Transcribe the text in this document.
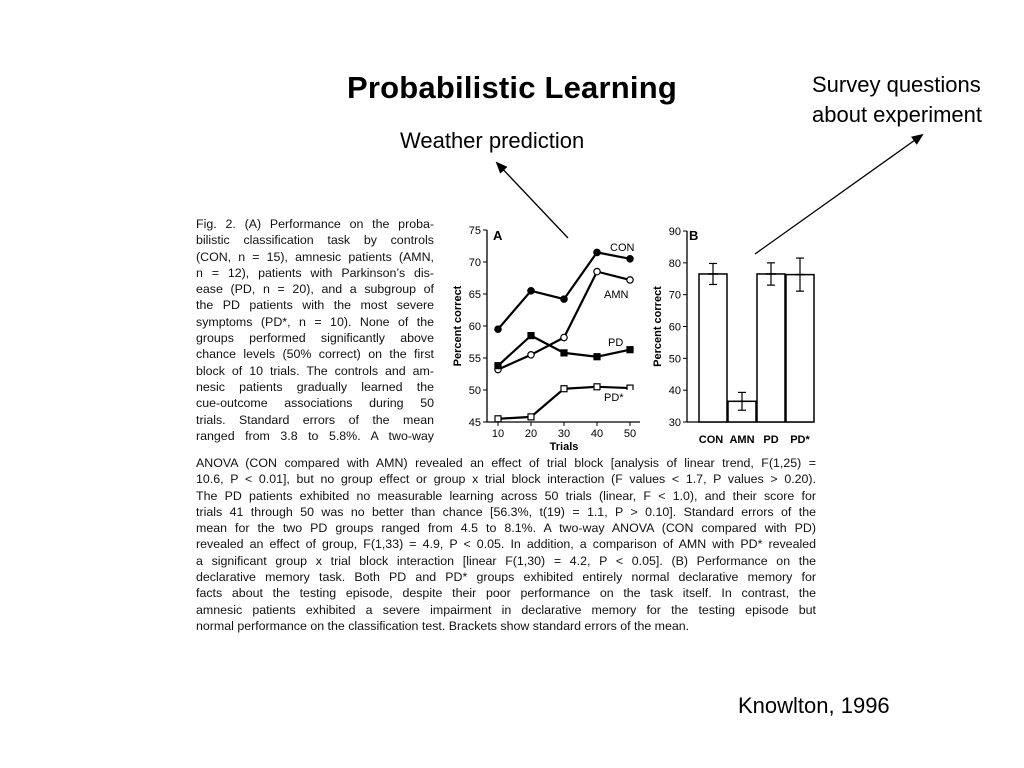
Probabilistic Learning
Weather prediction
Survey questions
about experiment
Knowlton, 1996
Fig. 2. (A) Performance on the proba-
bilistic classification task by controls
(CON, n = 15), amnesic patients (AMN,
n = 12), patients with Parkinson’s dis-
ease (PD, n = 20), and a subgroup of
the PD patients with the most severe
symptoms (PD*, n = 10). None of the
groups performed significantly above
chance levels (50% correct) on the first
block of 10 trials. The controls and am-
nesic patients gradually learned the
cue-outcome associations during 50
trials. Standard errors of the mean
ranged from 3.8 to 5.8%. A two-way
ANOVA (CON compared with AMN) revealed an effect of trial block [analysis of linear trend, F(1,25) =
10.6, P < 0.01], but no group effect or group x trial block interaction (F values < 1.7, P values > 0.20).
The PD patients exhibited no measurable learning across 50 trials (linear, F < 1.0), and their score for
trials 41 through 50 was no better than chance [56.3%, t(19) = 1.1, P > 0.10]. Standard errors of the
mean for the two PD groups ranged from 4.5 to 8.1%. A two-way ANOVA (CON compared with PD)
revealed an effect of group, F(1,33) = 4.9, P < 0.05. In addition, a comparison of AMN with PD* revealed
a significant group x trial block interaction [linear F(1,30) = 4.2, P < 0.05]. (B) Performance on the
declarative memory task. Both PD and PD* groups exhibited entirely normal declarative memory for
facts about the testing episode, despite their poor performance on the task itself. In contrast, the
amnesic patients exhibited a severe impairment in declarative memory for the testing episode but
normal performance on the classification test. Brackets show standard errors of the mean.
45
50
55
60
65
70
75
10 20 30 40 50
Trials
Percent correct
A
CON
AMN
PD
PD*
30
40
50
60
70
80
90
Percent correct
B
CON AMN PD PD*
